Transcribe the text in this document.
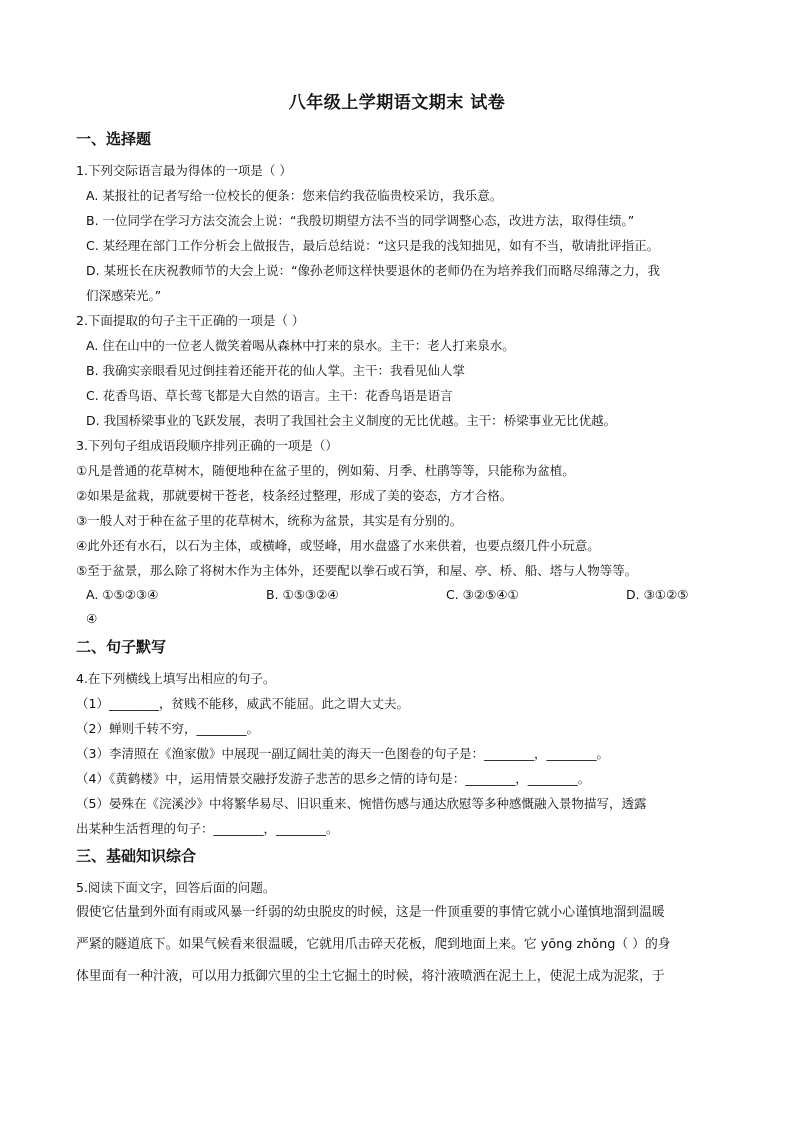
八年级上学期语文期末 试卷
一、选择题
1.下列交际语言最为得体的一项是（ ）
A. 某报社的记者写给一位校长的便条：您来信约我莅临贵校采访，我乐意。
B. 一位同学在学习方法交流会上说：“我殷切期望方法不当的同学调整心态，改进方法，取得佳绩。”
C. 某经理在部门工作分析会上做报告，最后总结说：“这只是我的浅知拙见，如有不当，敬请批评指正。
D. 某班长在庆祝教师节的大会上说：“像孙老师这样快要退休的老师仍在为培养我们而略尽绵薄之力，我
们深感荣光。”
2.下面提取的句子主干正确的一项是（ ）
A. 住在山中的一位老人微笑着喝从森林中打来的泉水。主干：老人打来泉水。
B. 我确实亲眼看见过倒挂着还能开花的仙人掌。主干：我看见仙人掌
C. 花香鸟语、草长莺飞都是大自然的语言。主干：花香鸟语是语言
D. 我国桥梁事业的飞跃发展，表明了我国社会主义制度的无比优越。主干：桥梁事业无比优越。
3.下列句子组成语段顺序排列正确的一项是（）
①凡是普通的花草树木，随便地种在盆子里的，例如菊、月季、杜鹃等等，只能称为盆植。
②如果是盆栽，那就要树干苍老，枝条经过整理，形成了美的姿态，方才合格。
③一般人对于种在盆子里的花草树木，统称为盆景，其实是有分别的。
④此外还有水石，以石为主体，或横峰，或竖峰，用水盘盛了水来供着，也要点缀几件小玩意。
⑤至于盆景，那么除了将树木作为主体外，还要配以拳石或石笋，和屋、亭、桥、船、塔与人物等等。
A. ①⑤②③④	B. ①⑤③②④	C. ③②⑤④①	D. ③①②⑤
④
二、句子默写
4.在下列横线上填写出相应的句子。
（1）________，贫贱不能移，威武不能屈。此之谓大丈夫。
（2）蝉则千转不穷，________。
（3）李清照在《渔家傲》中展现一副辽阔壮美的海天一色图卷的句子是：________，________。
（4）《黄鹤楼》中，运用情景交融抒发游子悲苦的思乡之情的诗句是：________，________。
（5）晏殊在《浣溪沙》中将繁华易尽、旧识重来、惋惜伤感与通达欣慰等多种感慨融入景物描写，透露
出某种生活哲理的句子：________，________。
三、基础知识综合
5.阅读下面文字，回答后面的问题。
假使它估量到外面有雨或风暴一纤弱的幼虫脱皮的时候，这是一件顶重要的事情它就小心谨慎地溜到温暖
严紧的隧道底下。如果气候看来很温暖，它就用爪击碎天花板，爬到地面上来。它 yōng zhǒng（ ）的身
体里面有一种汁液，可以用力抵御穴里的尘土它掘土的时候，将汁液喷洒在泥土上，使泥土成为泥浆，于
